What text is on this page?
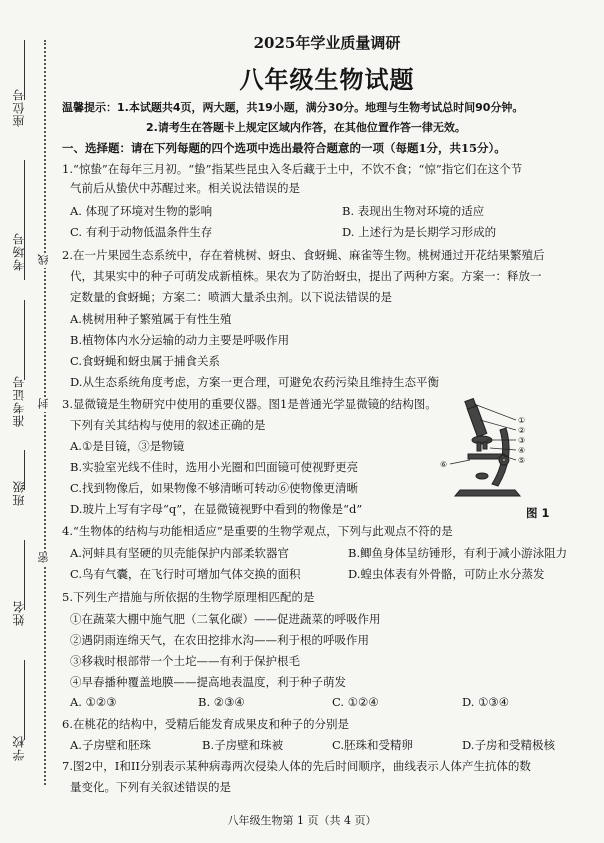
座位号
考场号
准考证号
班级
姓名
学校
线
封
密
2025年学业质量调研
八年级生物试题
温馨提示：1.本试题共4页，两大题，共19小题，满分30分。地理与生物考试总时间90分钟。
2.请考生在答题卡上规定区域内作答，在其他位置作答一律无效。
一、选择题：请在下列每题的四个选项中选出最符合题意的一项（每题1分，共15分）。
1.“惊蛰”在每年三月初。“蛰”指某些昆虫入冬后藏于土中，不饮不食；“惊”指它们在这个节
气前后从蛰伏中苏醒过来。相关说法错误的是
A. 体现了环境对生物的影响	B. 表现出生物对环境的适应
C. 有利于动物低温条件生存	D. 上述行为是长期学习形成的
2.在一片果园生态系统中，存在着桃树、蚜虫、食蚜蝇、麻雀等生物。桃树通过开花结果繁殖后
代，其果实中的种子可萌发成新植株。果农为了防治蚜虫，提出了两种方案。方案一：释放一
定数量的食蚜蝇；方案二：喷洒大量杀虫剂。以下说法错误的是
A.桃树用种子繁殖属于有性生殖
B.植物体内水分运输的动力主要是呼吸作用
C.食蚜蝇和蚜虫属于捕食关系
D.从生态系统角度考虑，方案一更合理，可避免农药污染且维持生态平衡
3.显微镜是生物研究中使用的重要仪器。图1是普通光学显微镜的结构图。
下列有关其结构与使用的叙述正确的是
A.①是目镜，③是物镜
B.实验室光线不佳时，选用小光圈和凹面镜可使视野更亮
C.找到物像后，如果物像不够清晰可转动⑥使物像更清晰
D.玻片上写有字母“q”，在显微镜视野中看到的物像是“d”
4.“生物体的结构与功能相适应”是重要的生物学观点，下列与此观点不符的是
A.河蚌具有坚硬的贝壳能保护内部柔软器官	B.鲫鱼身体呈纺锤形，有利于减小游泳阻力
C.鸟有气囊，在飞行时可增加气体交换的面积	D.蝗虫体表有外骨骼，可防止水分蒸发
5.下列生产措施与所依据的生物学原理相匹配的是
①在蔬菜大棚中施气肥（二氧化碳）——促进蔬菜的呼吸作用
②遇阴雨连绵天气，在农田挖排水沟——利于根的呼吸作用
③移栽时根部带一个土坨——有利于保护根毛
④早春播种覆盖地膜——提高地表温度，利于种子萌发
A. ①②③	B. ②③④	C. ①②④	D. ①③④
6.在桃花的结构中，受精后能发育成果皮和种子的分别是
A.子房壁和胚珠	B.子房壁和珠被	C.胚珠和受精卵	D.子房和受精极核
7.图2中，I和II分别表示某种病毒两次侵染人体的先后时间顺序，曲线表示人体产生抗体的数
量变化。下列有关叙述错误的是
①
②
③
④
⑤
⑥
图 1
八年级生物第 1 页（共 4 页）
